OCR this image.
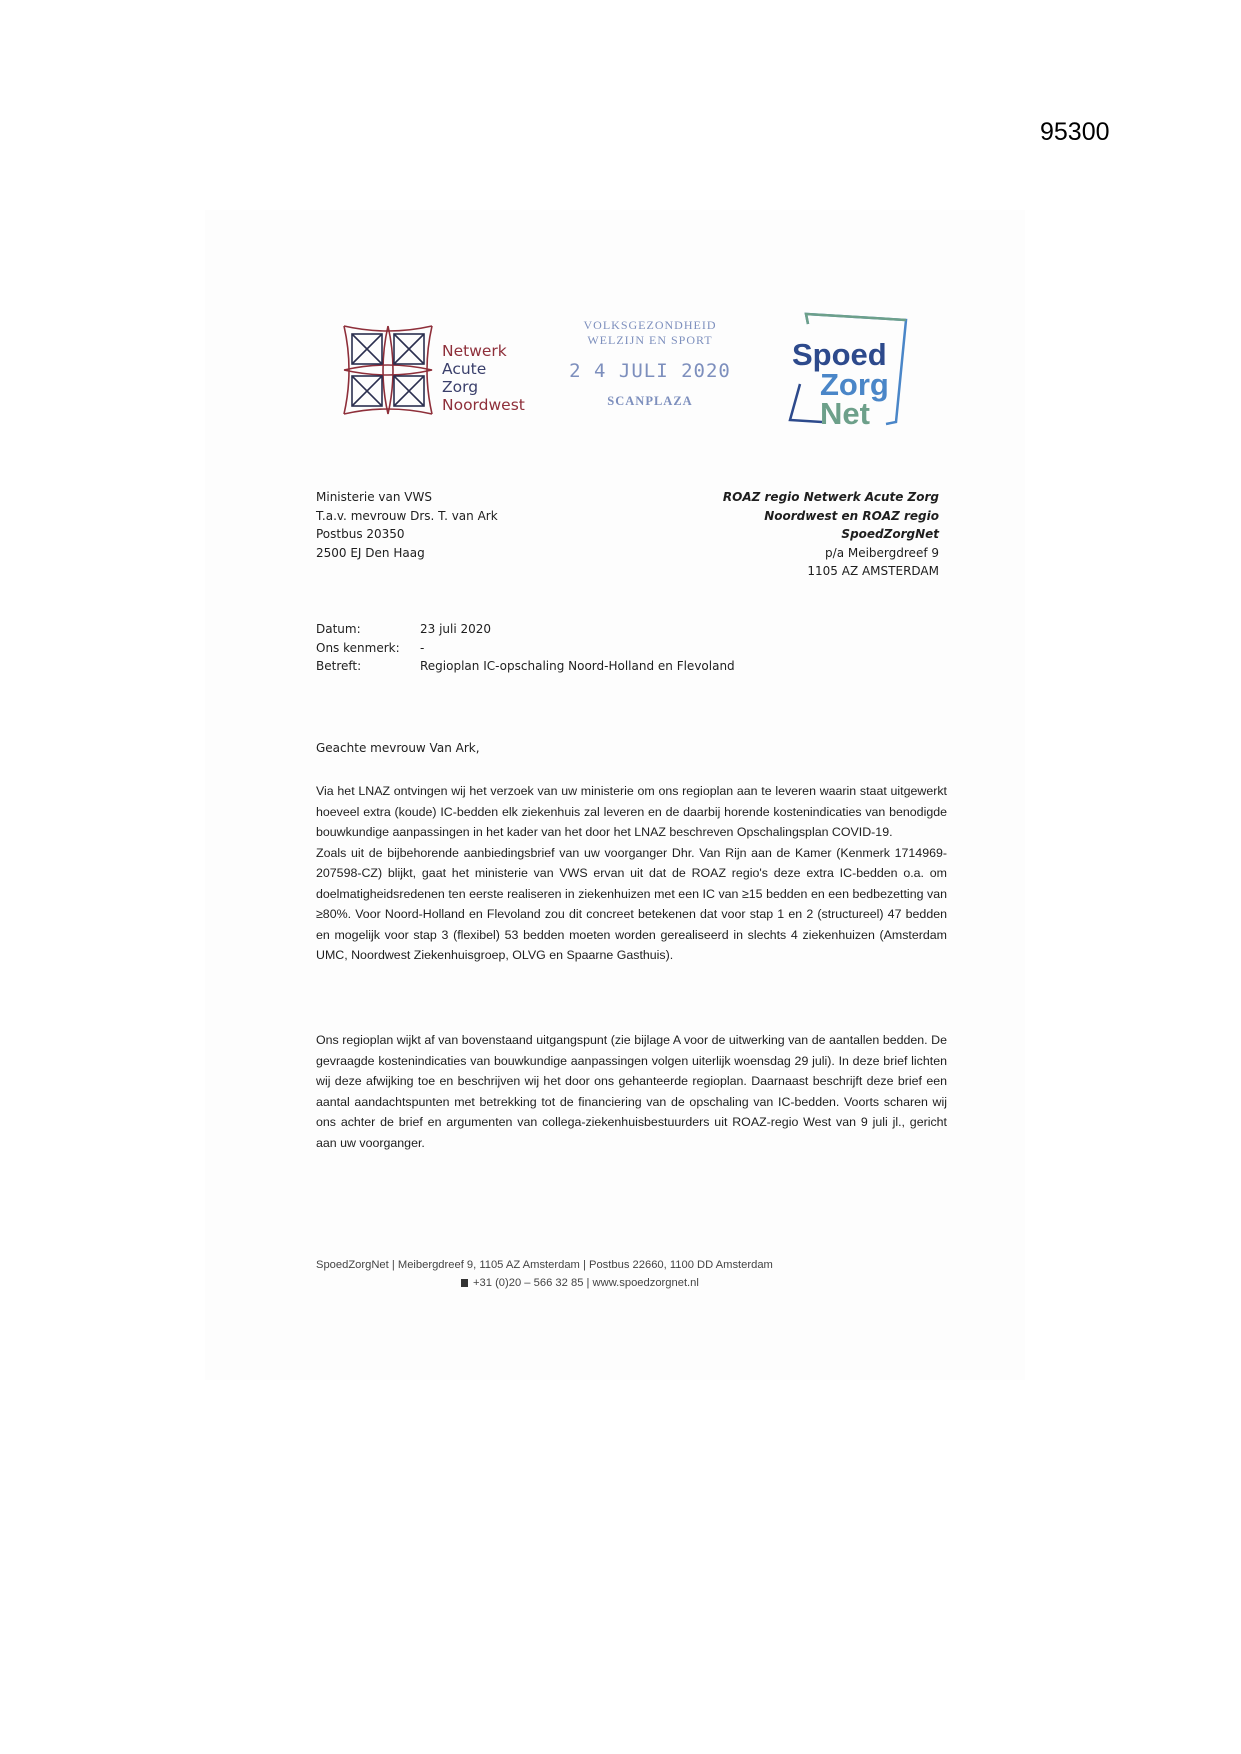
95300
Netwerk
Acute Zorg
Noordwest
VOLKSGEZONDHEID
WELZIJN EN SPORT
2 4 JULI 2020
SCANPLAZA
Spoed
Zorg
Net
Ministerie van VWS
T.a.v. mevrouw Drs. T. van Ark
Postbus 20350
2500 EJ Den Haag
ROAZ regio Netwerk Acute Zorg
Noordwest en ROAZ regio
SpoedZorgNet
p/a Meibergdreef 9
1105 AZ AMSTERDAM
Datum:	23 juli 2020
Ons kenmerk:	-
Betreft:	Regioplan IC-opschaling Noord-Holland en Flevoland
Geachte mevrouw Van Ark,
Via het LNAZ ontvingen wij het verzoek van uw ministerie om ons regioplan aan te leveren waarin staat uitgewerkt hoeveel extra (koude) IC-bedden elk ziekenhuis zal leveren en de daarbij horende kostenindicaties van benodigde bouwkundige aanpassingen in het kader van het door het LNAZ beschreven Opschalingsplan COVID-19.
Zoals uit de bijbehorende aanbiedingsbrief van uw voorganger Dhr. Van Rijn aan de Kamer (Kenmerk 1714969-207598-CZ) blijkt, gaat het ministerie van VWS ervan uit dat de ROAZ regio's deze extra IC-bedden o.a. om doelmatigheidsredenen ten eerste realiseren in ziekenhuizen met een IC van ≥15 bedden en een bedbezetting van ≥80%. Voor Noord-Holland en Flevoland zou dit concreet betekenen dat voor stap 1 en 2 (structureel) 47 bedden en mogelijk voor stap 3 (flexibel) 53 bedden moeten worden gerealiseerd in slechts 4 ziekenhuizen (Amsterdam UMC, Noordwest Ziekenhuisgroep, OLVG en Spaarne Gasthuis).
Ons regioplan wijkt af van bovenstaand uitgangspunt (zie bijlage A voor de uitwerking van de aantallen bedden. De gevraagde kostenindicaties van bouwkundige aanpassingen volgen uiterlijk woensdag 29 juli). In deze brief lichten wij deze afwijking toe en beschrijven wij het door ons gehanteerde regioplan. Daarnaast beschrijft deze brief een aantal aandachtspunten met betrekking tot de financiering van de opschaling van IC-bedden. Voorts scharen wij ons achter de brief en argumenten van collega-ziekenhuisbestuurders uit ROAZ-regio West van 9 juli jl., gericht aan uw voorganger.
SpoedZorgNet | Meibergdreef 9, 1105 AZ Amsterdam | Postbus 22660, 1100 DD Amsterdam
+31 (0)20 – 566 32 85 | www.spoedzorgnet.nl
